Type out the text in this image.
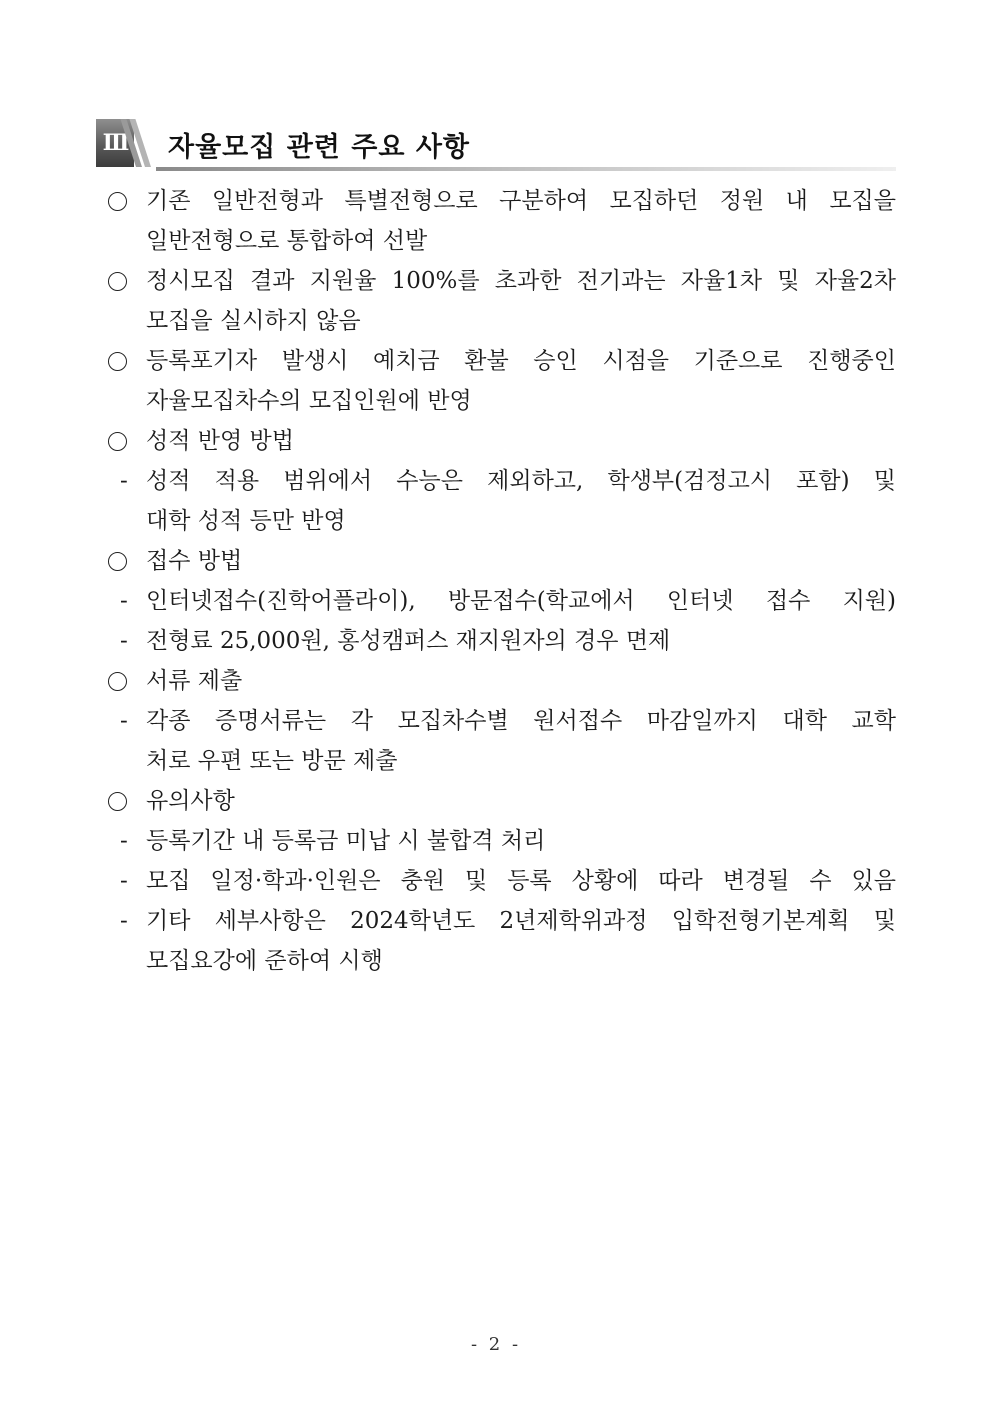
Ⅲ 자율모집 관련 주요 사항
기존 일반전형과 특별전형으로 구분하여 모집하던 정원 내 모집을
일반전형으로 통합하여 선발
정시모집 결과 지원율 100%를 초과한 전기과는 자율1차 및 자율2차
모집을 실시하지 않음
등록포기자 발생시 예치금 환불 승인 시점을 기준으로 진행중인
자율모집차수의 모집인원에 반영
성적 반영 방법
- 성적 적용 범위에서 수능은 제외하고, 학생부(검정고시 포함) 및
대학 성적 등만 반영
접수 방법
- 인터넷접수(진학어플라이), 방문접수(학교에서 인터넷 접수 지원)
- 전형료 25,000원, 홍성캠퍼스 재지원자의 경우 면제
서류 제출
- 각종 증명서류는 각 모집차수별 원서접수 마감일까지 대학 교학
처로 우편 또는 방문 제출
유의사항
- 등록기간 내 등록금 미납 시 불합격 처리
- 모집 일정·학과·인원은 충원 및 등록 상황에 따라 변경될 수 있음
- 기타 세부사항은 2024학년도 2년제학위과정 입학전형기본계획 및
모집요강에 준하여 시행
- 2 -
